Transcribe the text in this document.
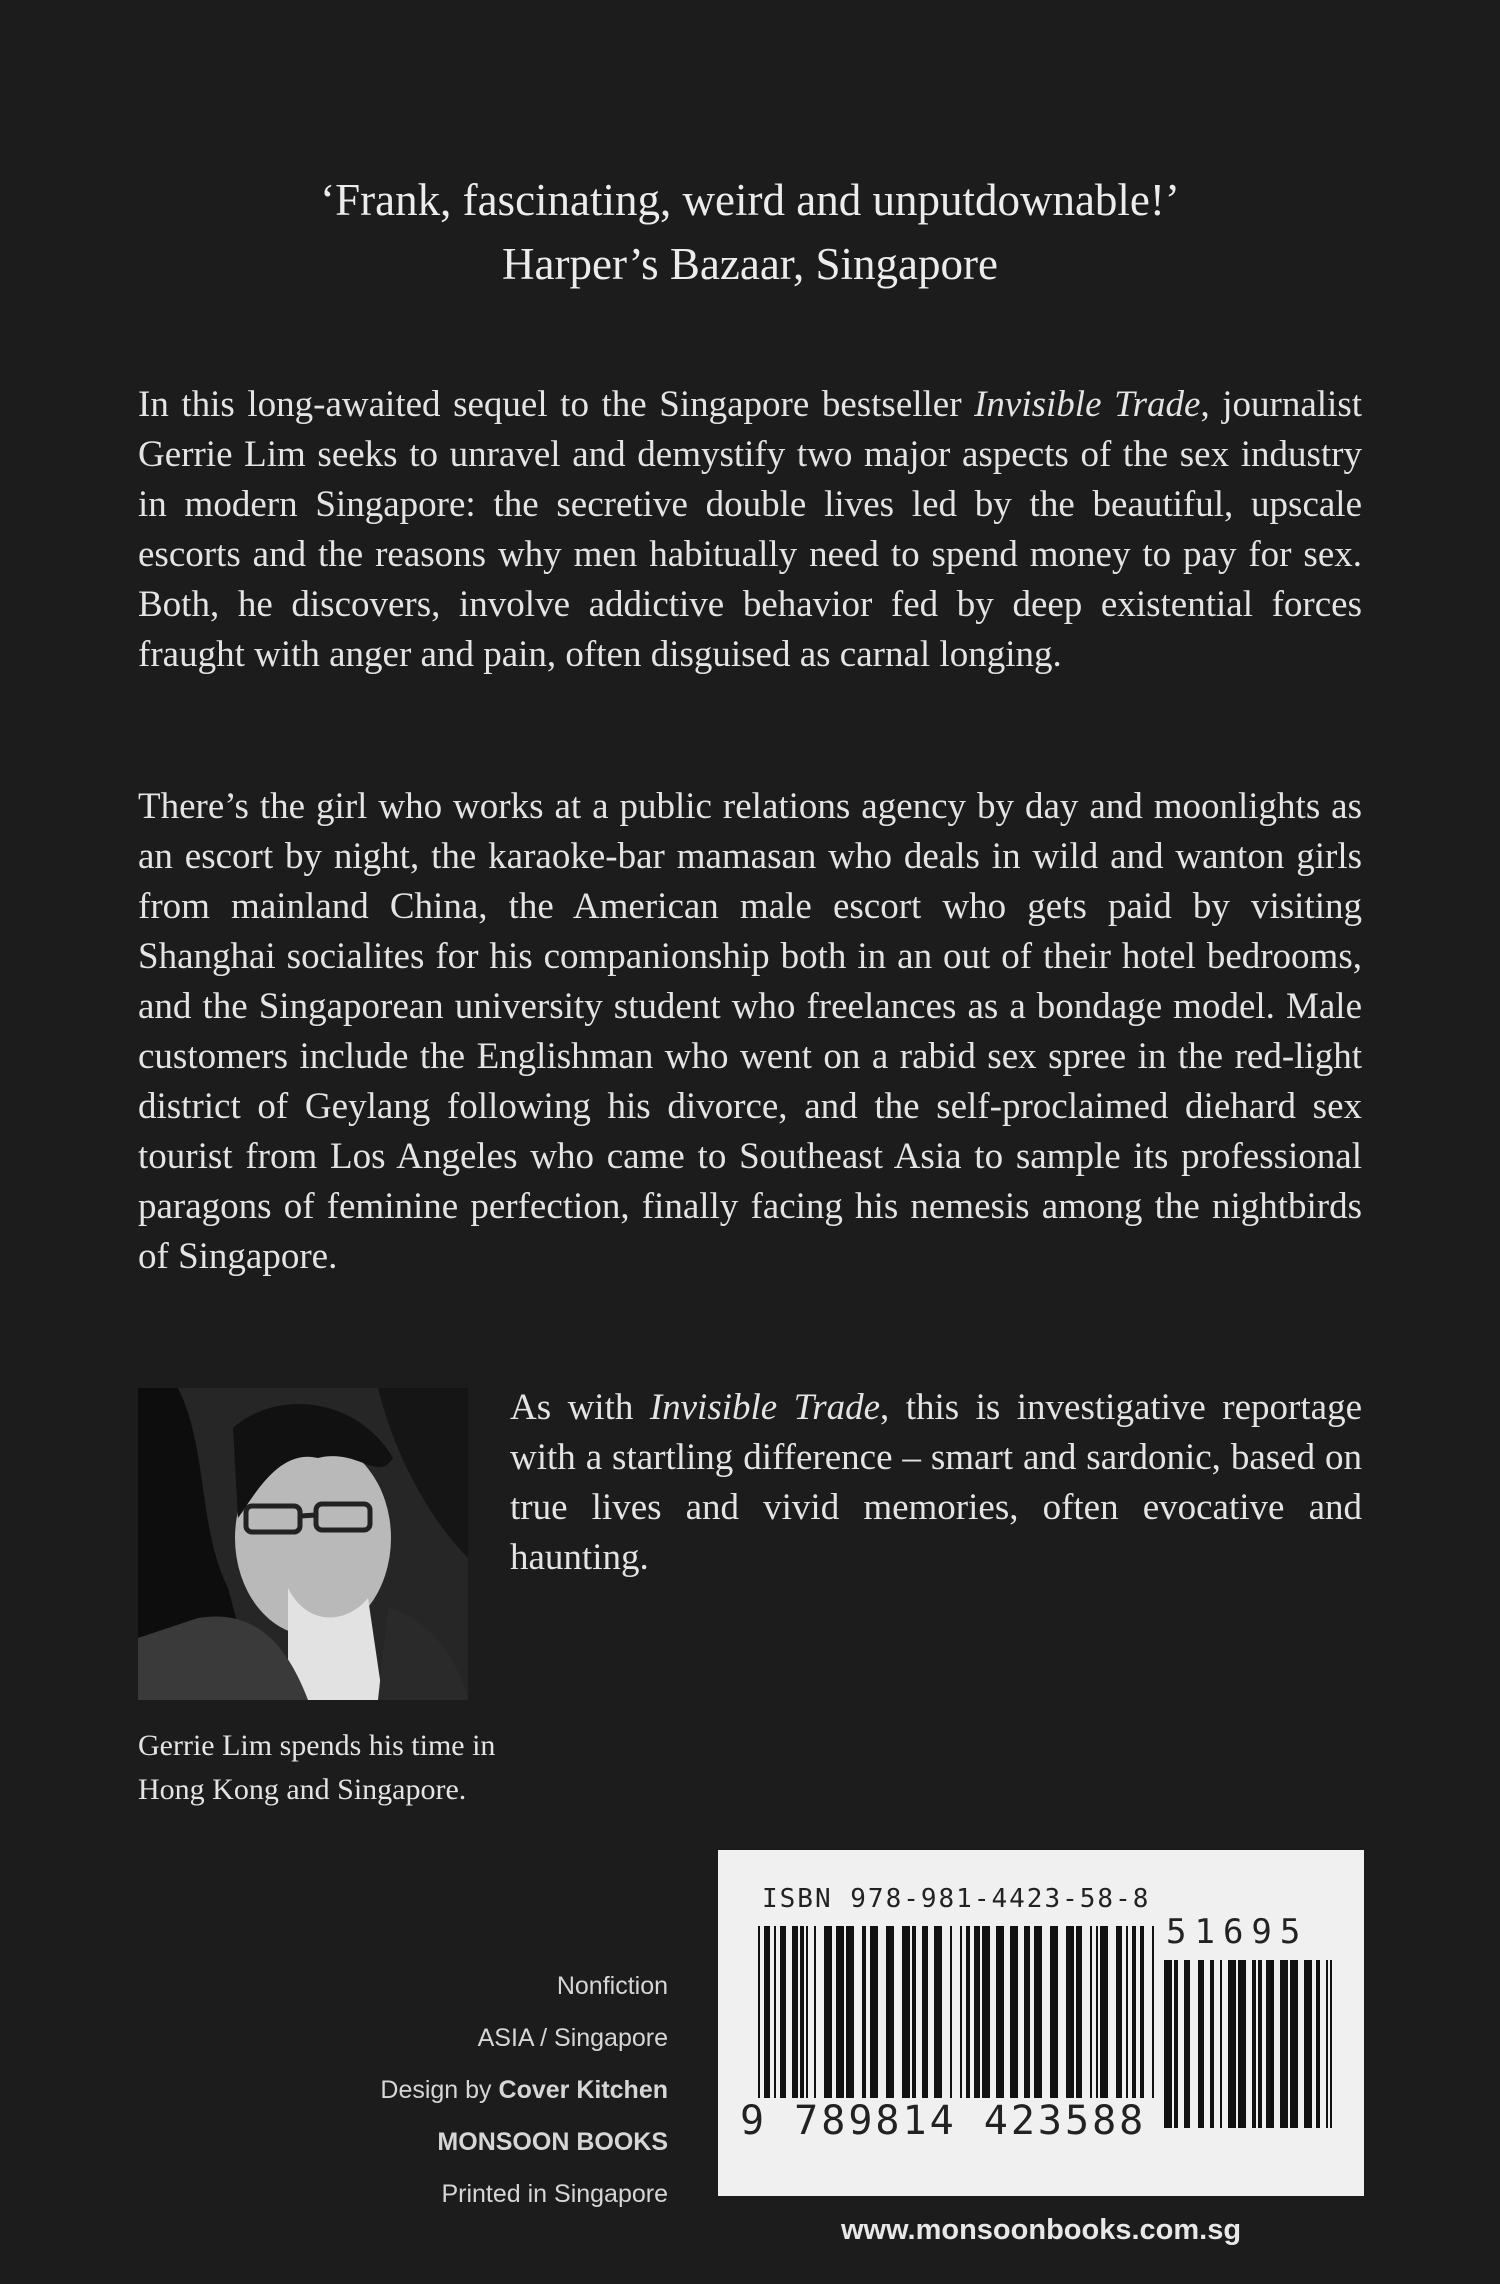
‘Frank, fascinating, weird and unputdownable!’
Harper’s Bazaar, Singapore

In this long-awaited sequel to the Singapore bestseller Invisible Trade, journalist Gerrie Lim seeks to unravel and demystify two major aspects of the sex industry in modern Singapore: the secretive double lives led by the beautiful, upscale escorts and the reasons why men habitually need to spend money to pay for sex. Both, he discovers, involve addictive behavior fed by deep existential forces fraught with anger and pain, often disguised as carnal longing.

There’s the girl who works at a public relations agency by day and moonlights as an escort by night, the karaoke-bar mamasan who deals in wild and wanton girls from mainland China, the American male escort who gets paid by visiting Shanghai socialites for his companionship both in an out of their hotel bedrooms, and the Singaporean university student who freelances as a bondage model. Male customers include the Englishman who went on a rabid sex spree in the red-light district of Geylang following his divorce, and the self-proclaimed diehard sex tourist from Los Angeles who came to Southeast Asia to sample its professional paragons of feminine perfection, finally facing his nemesis among the nightbirds of Singapore.

As with Invisible Trade, this is investigative reportage with a startling difference – smart and sardonic, based on true lives and vivid memories, often evocative and haunting.

Gerrie Lim spends his time in Hong Kong and Singapore.
Nonfiction
ASIA / Singapore
Design by Cover Kitchen
MONSOON BOOKS
Printed in Singapore
ISBN 978-981-4423-58-8
51695
9 789814 423588
www.monsoonbooks.com.sg
